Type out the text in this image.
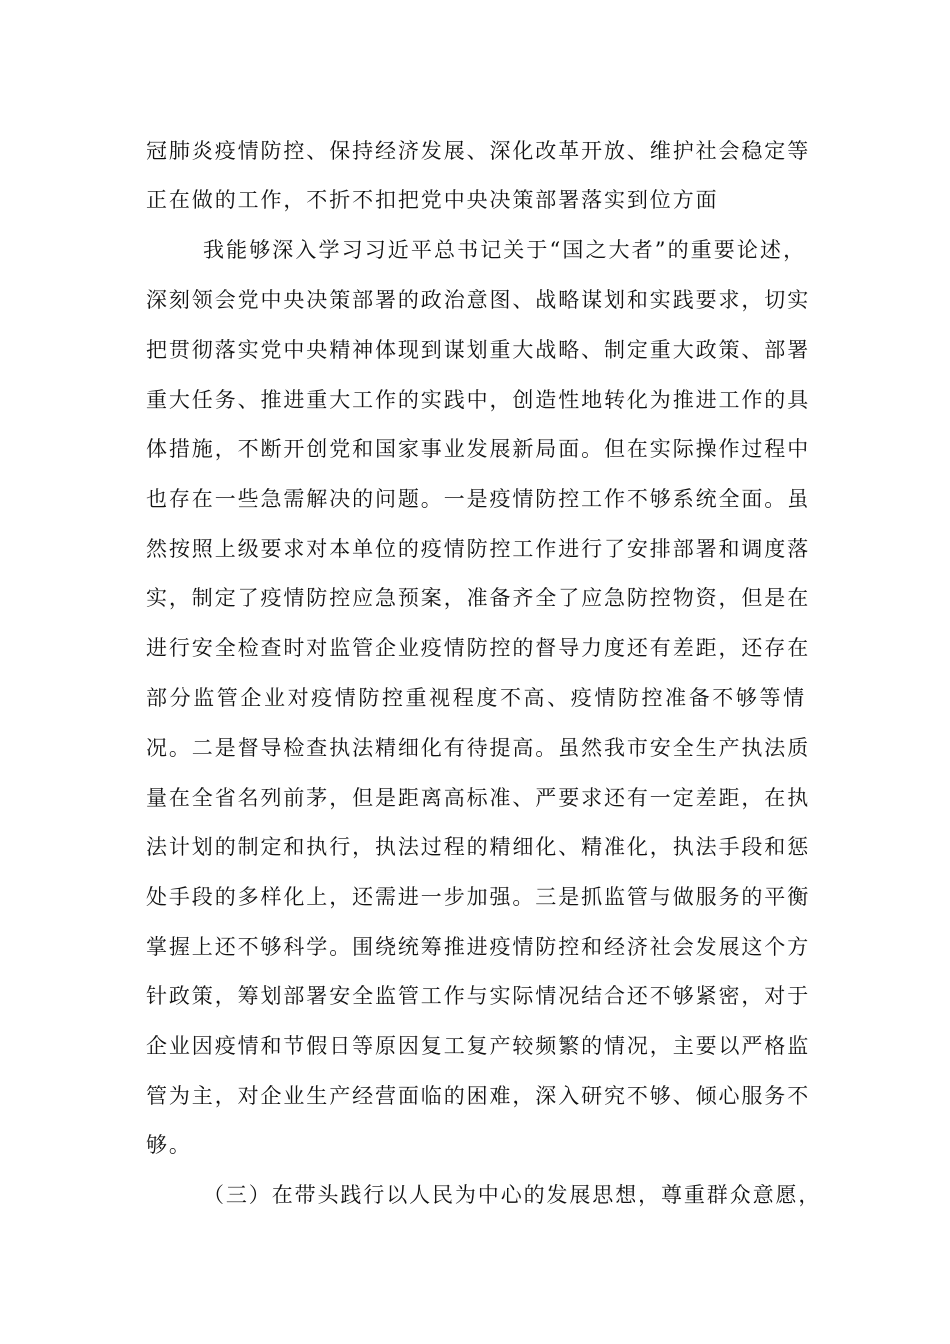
冠肺炎疫情防控、保持经济发展、深化改革开放、维护社会稳定等
正在做的工作，不折不扣把党中央决策部署落实到位方面
我能够深入学习习近平总书记关于“国之大者”的重要论述，
深刻领会党中央决策部署的政治意图、战略谋划和实践要求，切实
把贯彻落实党中央精神体现到谋划重大战略、制定重大政策、部署
重大任务、推进重大工作的实践中，创造性地转化为推进工作的具
体措施，不断开创党和国家事业发展新局面。但在实际操作过程中
也存在一些急需解决的问题。一是疫情防控工作不够系统全面。虽
然按照上级要求对本单位的疫情防控工作进行了安排部署和调度落
实，制定了疫情防控应急预案，准备齐全了应急防控物资，但是在
进行安全检查时对监管企业疫情防控的督导力度还有差距，还存在
部分监管企业对疫情防控重视程度不高、疫情防控准备不够等情
况。二是督导检查执法精细化有待提高。虽然我市安全生产执法质
量在全省名列前茅，但是距离高标准、严要求还有一定差距，在执
法计划的制定和执行，执法过程的精细化、精准化，执法手段和惩
处手段的多样化上，还需进一步加强。三是抓监管与做服务的平衡
掌握上还不够科学。围绕统筹推进疫情防控和经济社会发展这个方
针政策，筹划部署安全监管工作与实际情况结合还不够紧密，对于
企业因疫情和节假日等原因复工复产较频繁的情况，主要以严格监
管为主，对企业生产经营面临的困难，深入研究不够、倾心服务不
够。
（三）在带头践行以人民为中心的发展思想，尊重群众意愿，
